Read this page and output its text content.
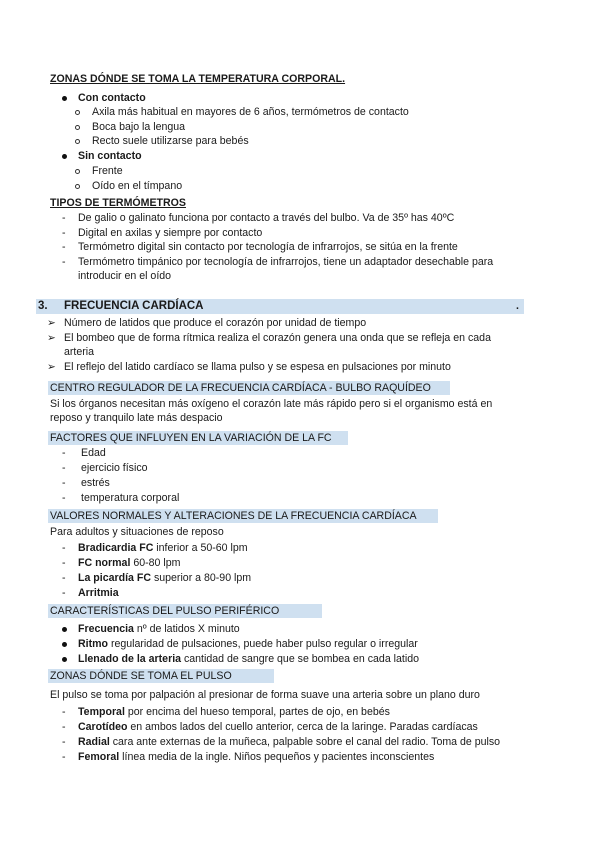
ZONAS DÓNDE SE TOMA LA TEMPERATURA CORPORAL.
Con contacto
Axila más habitual en mayores de 6 años, termómetros de contacto
Boca bajo la lengua
Recto suele utilizarse para bebés
Sin contacto
Frente
Oído en el tímpano
TIPOS DE TERMÓMETROS
- De galio o galinato funciona por contacto a través del bulbo. Va de 35º has 40ºC
- Digital en axilas y siempre por contacto
- Termómetro digital sin contacto por tecnología de infrarrojos, se sitúa en la frente
- Termómetro timpánico por tecnología de infrarrojos, tiene un adaptador desechable para
introducir en el oído
3. FRECUENCIA CARDÍACA	.
➢ Número de latidos que produce el corazón por unidad de tiempo
➢ El bombeo que de forma rítmica realiza el corazón genera una onda que se refleja en cada
arteria
➢ El reflejo del latido cardíaco se llama pulso y se espesa en pulsaciones por minuto
CENTRO REGULADOR DE LA FRECUENCIA CARDÍACA - BULBO RAQUÍDEO
Si los órganos necesitan más oxígeno el corazón late más rápido pero si el organismo está en
reposo y tranquilo late más despacio
FACTORES QUE INFLUYEN EN LA VARIACIÓN DE LA FC
- Edad
- ejercicio físico
- estrés
- temperatura corporal
VALORES NORMALES Y ALTERACIONES DE LA FRECUENCIA CARDÍACA
Para adultos y situaciones de reposo
- Bradicardia FC inferior a 50-60 lpm
- FC normal 60-80 lpm
- La picardía FC superior a 80-90 lpm
- Arritmia
CARACTERÍSTICAS DEL PULSO PERIFÉRICO
Frecuencia nº de latidos X minuto
Ritmo regularidad de pulsaciones, puede haber pulso regular o irregular
Llenado de la arteria cantidad de sangre que se bombea en cada latido
ZONAS DÓNDE SE TOMA EL PULSO
El pulso se toma por palpación al presionar de forma suave una arteria sobre un plano duro
- Temporal por encima del hueso temporal, partes de ojo, en bebés
- Carotídeo en ambos lados del cuello anterior, cerca de la laringe. Paradas cardíacas
- Radial cara ante externas de la muñeca, palpable sobre el canal del radio. Toma de pulso
- Femoral línea media de la ingle. Niños pequeños y pacientes inconscientes
